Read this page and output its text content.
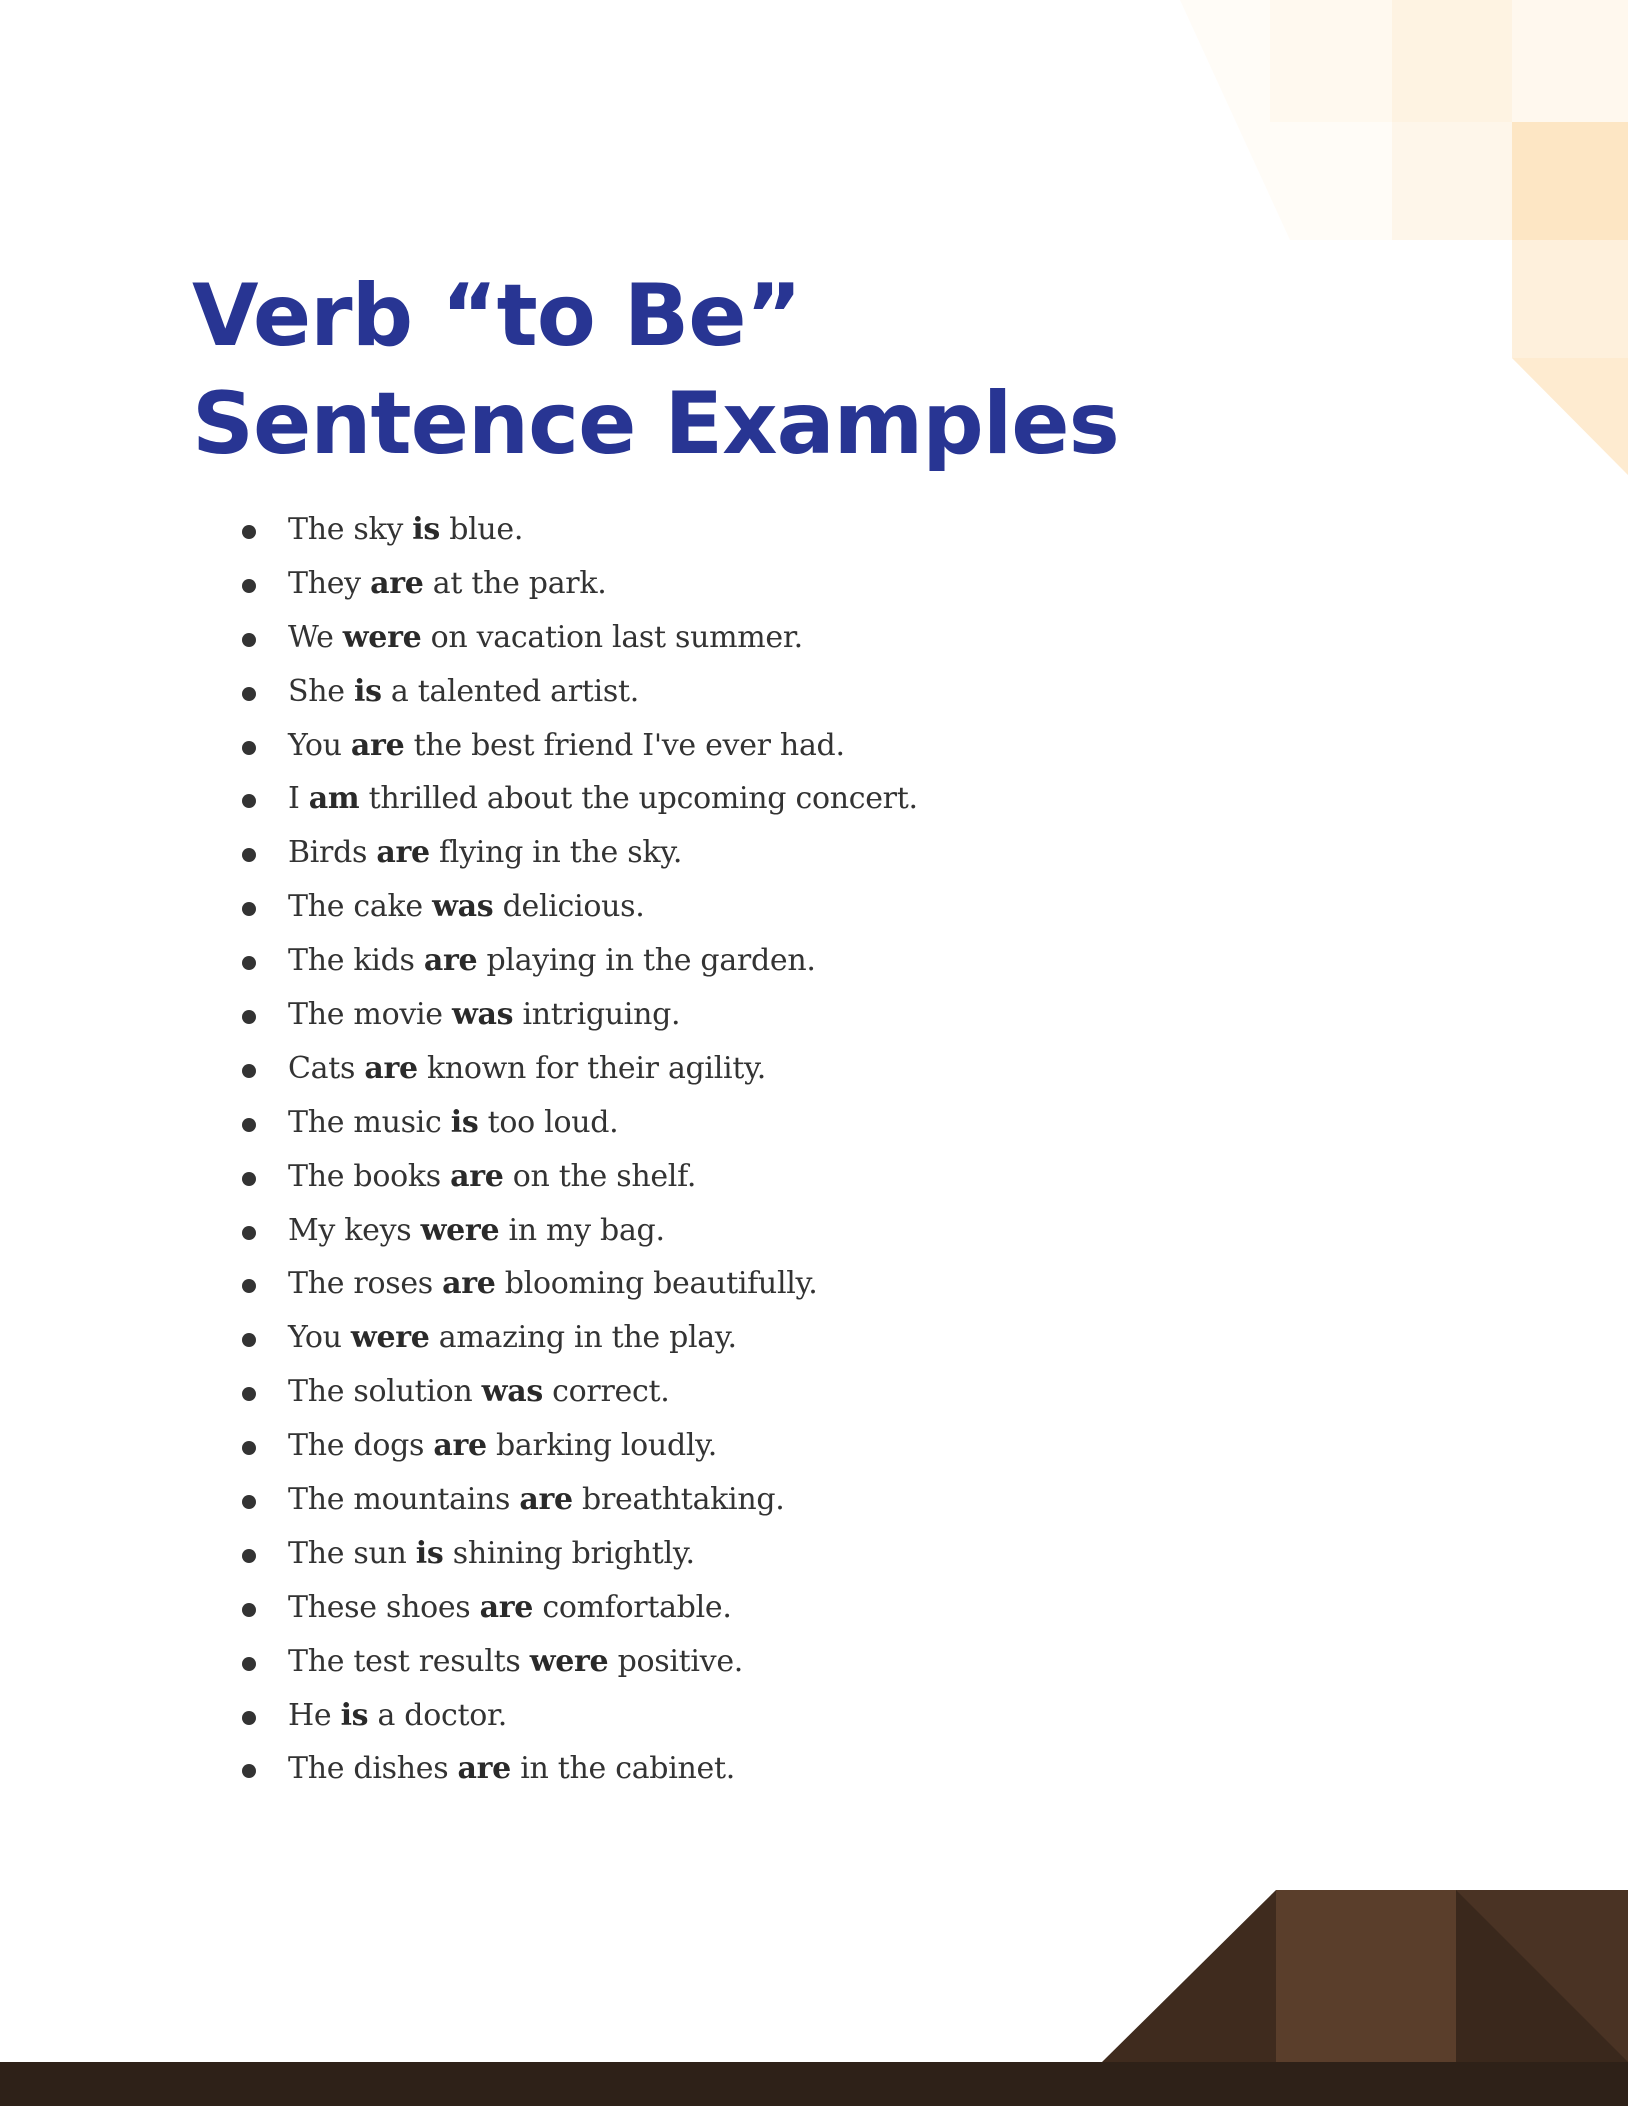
Verb “to Be”
Sentence Examples
The sky is blue.
They are at the park.
We were on vacation last summer.
She is a talented artist.
You are the best friend I've ever had.
I am thrilled about the upcoming concert.
Birds are flying in the sky.
The cake was delicious.
The kids are playing in the garden.
The movie was intriguing.
Cats are known for their agility.
The music is too loud.
The books are on the shelf.
My keys were in my bag.
The roses are blooming beautifully.
You were amazing in the play.
The solution was correct.
The dogs are barking loudly.
The mountains are breathtaking.
The sun is shining brightly.
These shoes are comfortable.
The test results were positive.
He is a doctor.
The dishes are in the cabinet.
